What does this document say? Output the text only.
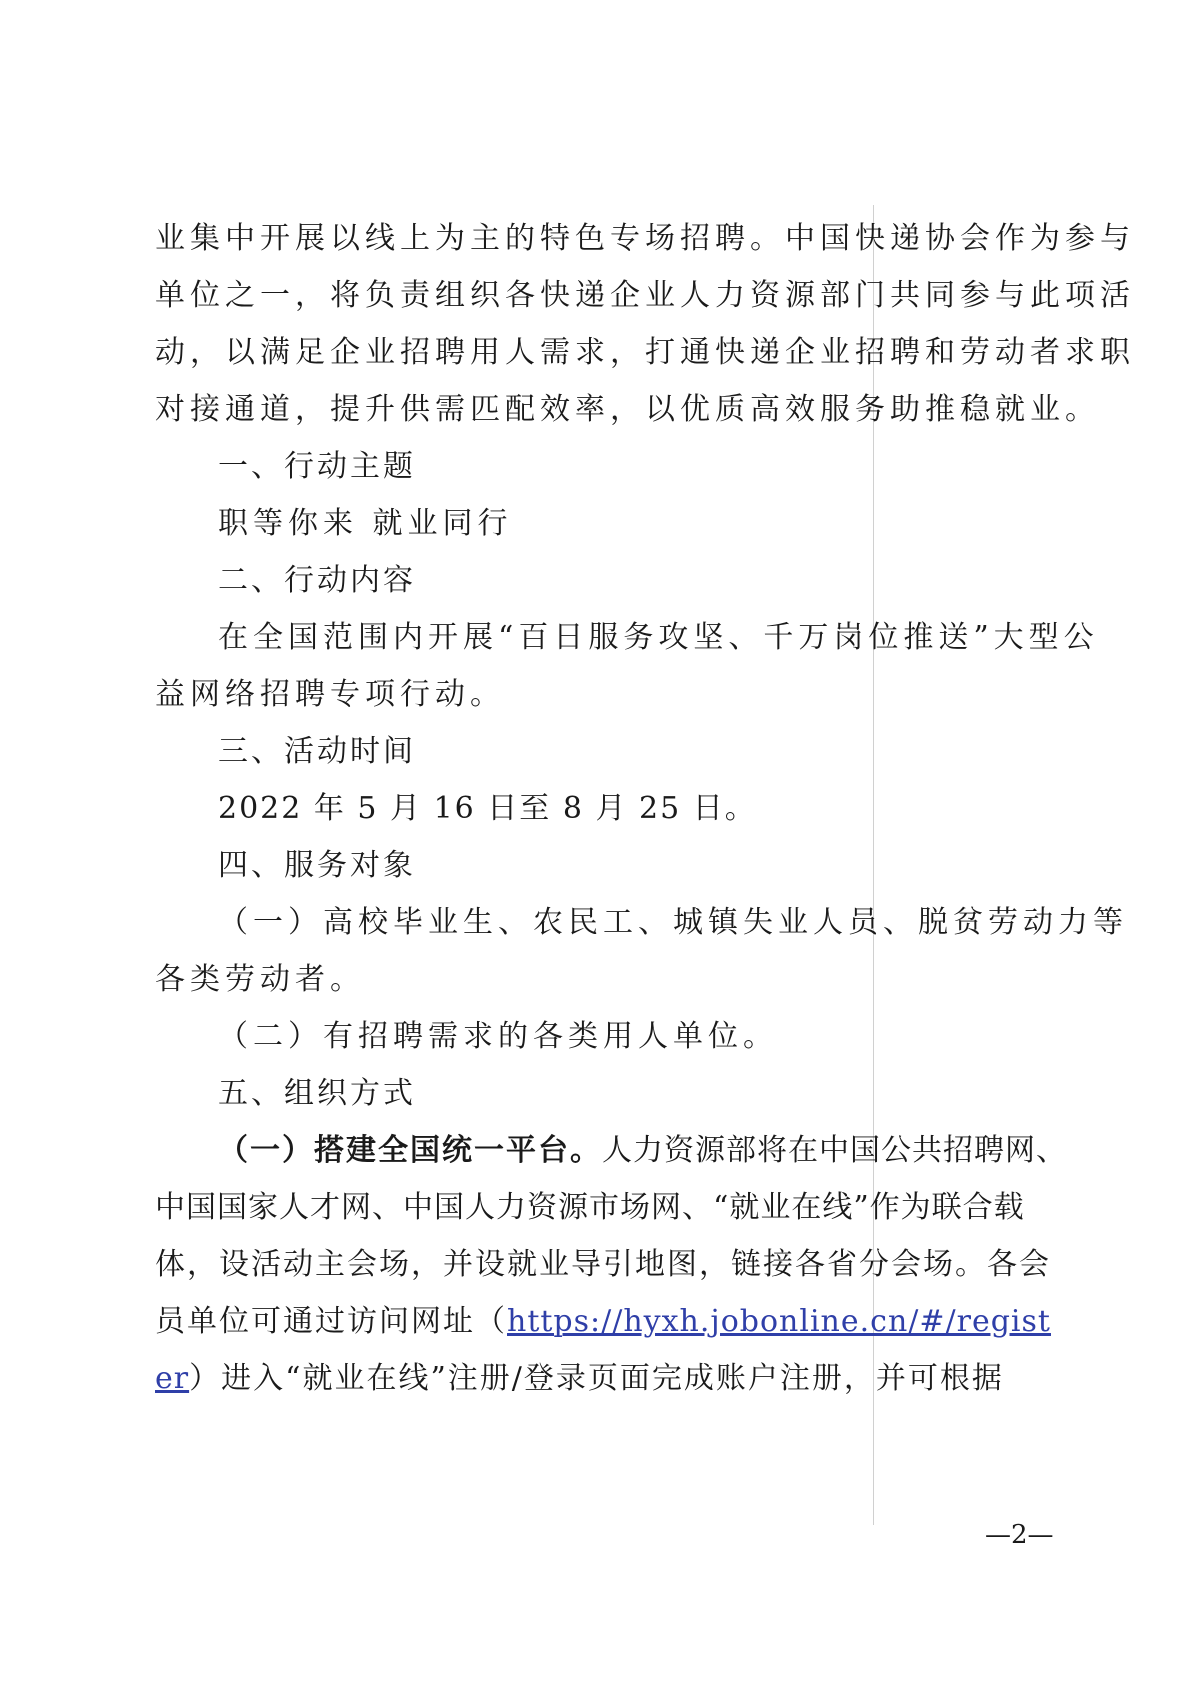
业集中开展以线上为主的特色专场招聘。中国快递协会作为参与
单位之一，将负责组织各快递企业人力资源部门共同参与此项活
动，以满足企业招聘用人需求，打通快递企业招聘和劳动者求职
对接通道，提升供需匹配效率，以优质高效服务助推稳就业。
一、行动主题
职等你来 就业同行
二、行动内容
在全国范围内开展“百日服务攻坚、千万岗位推送”大型公
益网络招聘专项行动。
三、活动时间
2022 年 5 月 16 日至 8 月 25 日。
四、服务对象
（一）高校毕业生、农民工、城镇失业人员、脱贫劳动力等
各类劳动者。
（二）有招聘需求的各类用人单位。
五、组织方式
（一）搭建全国统一平台。人力资源部将在中国公共招聘网、
中国国家人才网、中国人力资源市场网、“就业在线”作为联合载
体，设活动主会场，并设就业导引地图，链接各省分会场。各会
员单位可通过访问网址（https://hyxh.jobonline.cn/#/regist
er）进入“就业在线”注册/登录页面完成账户注册，并可根据
—2—
